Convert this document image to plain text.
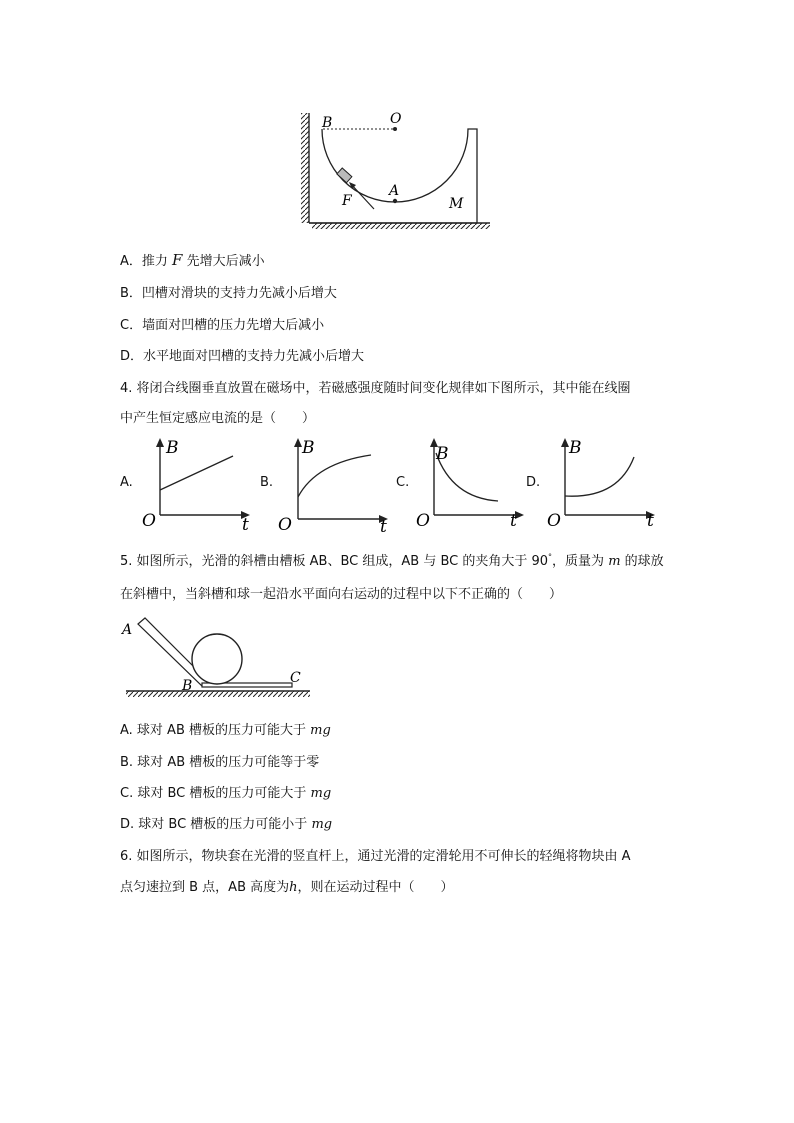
B	O
A
F	M
A．推力 F 先增大后减小
B．凹槽对滑块的支持力先减小后增大
C．墙面对凹槽的压力先增大后减小
D．水平地面对凹槽的支持力先减小后增大
4. 将闭合线圈垂直放置在磁场中，若磁感强度随时间变化规律如下图所示，其中能在线圈
中产生恒定感应电流的是（　　）
A.
B
O	t
B.
B
O	t
C.
B
O	t
D.
B
O	t
5. 如图所示，光滑的斜槽由槽板 AB、BC 组成，AB 与 BC 的夹角大于 90°，质量为 m 的球放
在斜槽中，当斜槽和球一起沿水平面向右运动的过程中以下不正确的（　　）
A
B	C
A. 球对 AB 槽板的压力可能大于 mg
B. 球对 AB 槽板的压力可能等于零
C. 球对 BC 槽板的压力可能大于 mg
D. 球对 BC 槽板的压力可能小于 mg
6. 如图所示，物块套在光滑的竖直杆上，通过光滑的定滑轮用不可伸长的轻绳将物块由 A
点匀速拉到 B 点，AB 高度为h，则在运动过程中（　　）
